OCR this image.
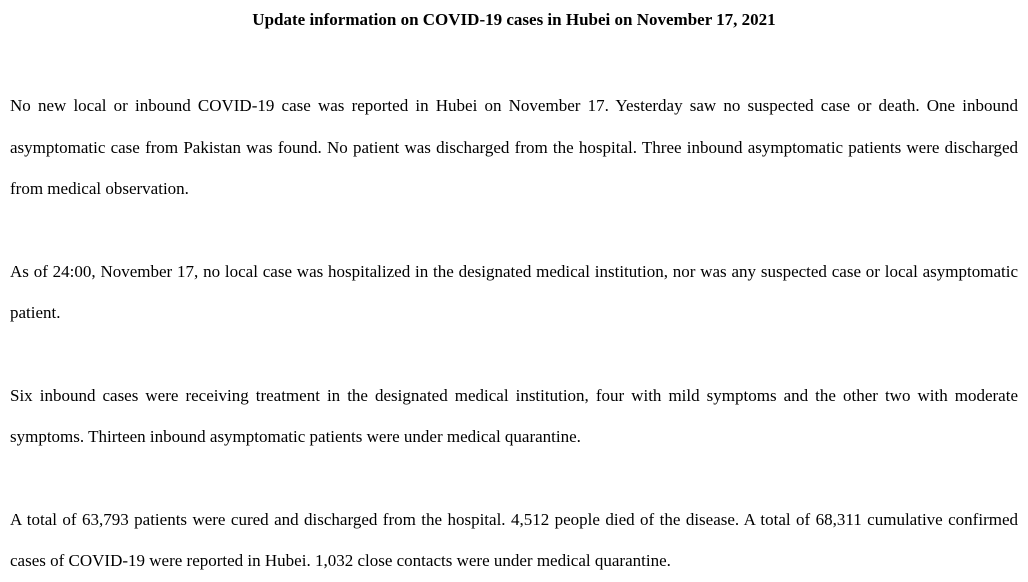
Update information on COVID-19 cases in Hubei on November 17, 2021

No new local or inbound COVID-19 case was reported in Hubei on November 17. Yesterday saw no suspected case or death. One inbound asymptomatic case from Pakistan was found. No patient was discharged from the hospital. Three inbound asymptomatic patients were discharged from medical observation.

As of 24:00, November 17, no local case was hospitalized in the designated medical institution, nor was any suspected case or local asymptomatic patient.

Six inbound cases were receiving treatment in the designated medical institution, four with mild symptoms and the other two with moderate symptoms. Thirteen inbound asymptomatic patients were under medical quarantine.

A total of 63,793 patients were cured and discharged from the hospital. 4,512 people died of the disease. A total of 68,311 cumulative confirmed cases of COVID-19 were reported in Hubei. 1,032 close contacts were under medical quarantine.
